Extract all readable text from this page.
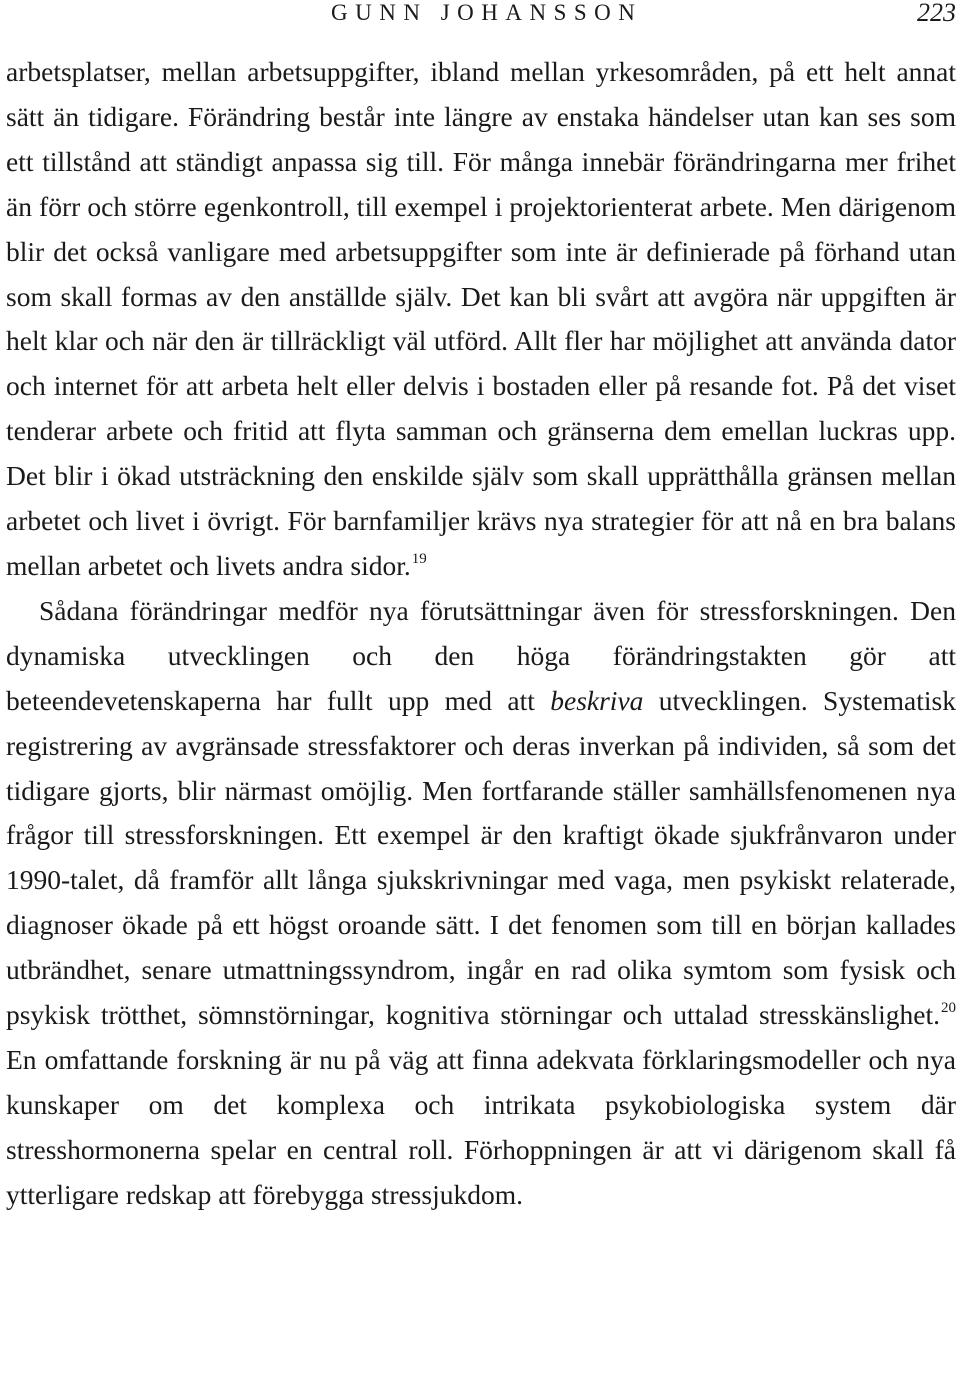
GUNN JOHANSSON	223

arbetsplatser, mellan arbetsuppgifter, ibland mellan yrkesområden, på ett helt annat sätt än tidigare. Förändring består inte längre av enstaka händelser utan kan ses som ett tillstånd att ständigt anpassa sig till. För många innebär förändringarna mer frihet än förr och större egenkontroll, till exempel i projektorienterat arbete. Men därigenom blir det också vanligare med arbetsuppgifter som inte är definierade på förhand utan som skall formas av den anställde själv. Det kan bli svårt att avgöra när uppgiften är helt klar och när den är tillräckligt väl utförd. Allt fler har möjlighet att använda dator och internet för att arbeta helt eller delvis i bostaden eller på resande fot. På det viset tenderar arbete och fritid att flyta samman och gränserna dem emellan luckras upp. Det blir i ökad utsträckning den enskilde själv som skall upprätthålla gränsen mellan arbetet och livet i övrigt. För barnfamiljer krävs nya strategier för att nå en bra balans mellan arbetet och livets andra sidor.$^{19}$

Sådana förändringar medför nya förutsättningar även för stressforskningen. Den dynamiska utvecklingen och den höga förändringstakten gör att beteendevetenskaperna har fullt upp med att beskriva utvecklingen. Systematisk registrering av avgränsade stressfaktorer och deras inverkan på individen, så som det tidigare gjorts, blir närmast omöjlig. Men fortfarande ställer samhällsfenomenen nya frågor till stressforskningen. Ett exempel är den kraftigt ökade sjukfrånvaron under 1990-talet, då framför allt långa sjukskrivningar med vaga, men psykiskt relaterade, diagnoser ökade på ett högst oroande sätt. I det fenomen som till en början kallades utbrändhet, senare utmattningssyndrom, ingår en rad olika symtom som fysisk och psykisk trötthet, sömnstörningar, kognitiva störningar och uttalad stresskänslighet.$^{20}$ En omfattande forskning är nu på väg att finna adekvata förklaringsmodeller och nya kunskaper om det komplexa och intrikata psykobiologiska system där stresshormonerna spelar en central roll. Förhoppningen är att vi därigenom skall få ytterligare redskap att förebygga stressjukdom.
